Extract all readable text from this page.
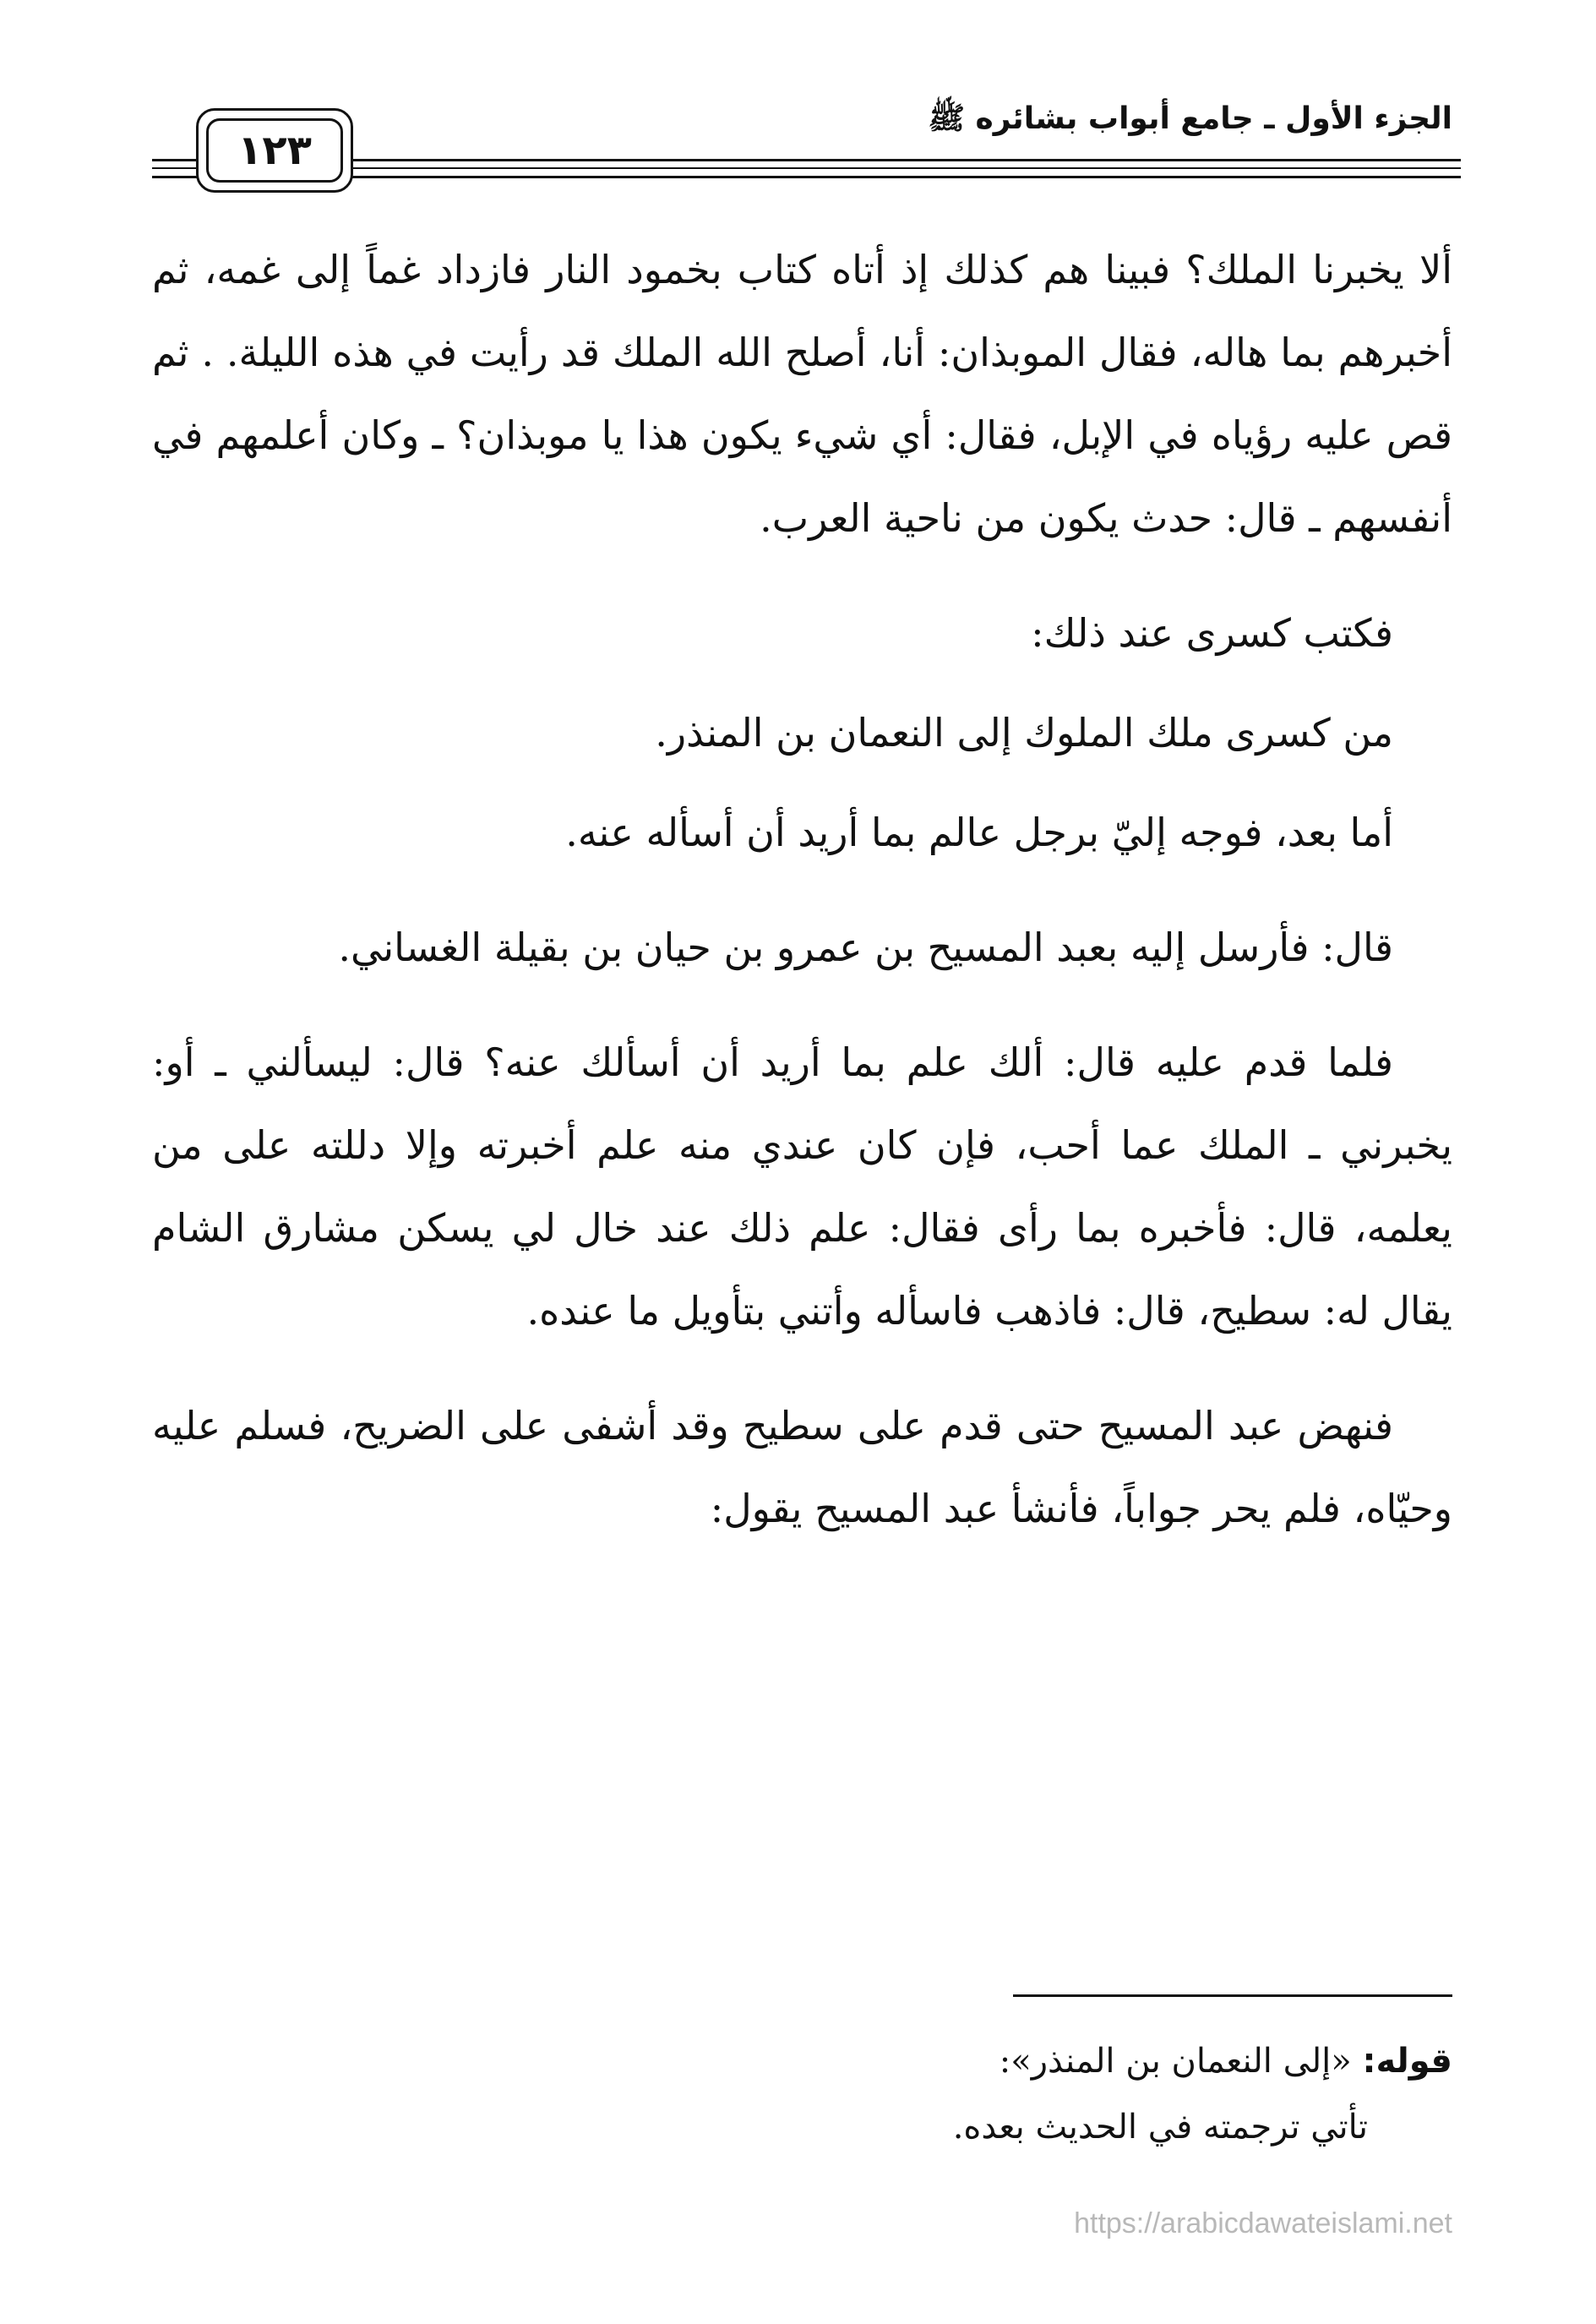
الجزء الأول ـ جامع أبواب بشائره ﷺ
١٢٣

ألا يخبرنا الملك؟ فبينا هم كذلك إذ أتاه كتاب بخمود النار فازداد غماً إلى غمه، ثم أخبرهم بما هاله، فقال الموبذان: أنا، أصلح الله الملك قد رأيت في هذه الليلة. . ثم قص عليه رؤياه في الإبل، فقال: أي شيء يكون هذا يا موبذان؟ ـ وكان أعلمهم في أنفسهم ـ قال: حدث يكون من ناحية العرب.

فكتب كسرى عند ذلك:

من كسرى ملك الملوك إلى النعمان بن المنذر.

أما بعد، فوجه إليّ برجل عالم بما أريد أن أسأله عنه.

قال: فأرسل إليه بعبد المسيح بن عمرو بن حيان بن بقيلة الغساني.

فلما قدم عليه قال: ألك علم بما أريد أن أسألك عنه؟ قال: ليسألني ـ أو: يخبرني ـ الملك عما أحب، فإن كان عندي منه علم أخبرته وإلا دللته على من يعلمه، قال: فأخبره بما رأى فقال: علم ذلك عند خال لي يسكن مشارق الشام يقال له: سطيح، قال: فاذهب فاسأله وأتني بتأويل ما عنده.

فنهض عبد المسيح حتى قدم على سطيح وقد أشفى على الضريح، فسلم عليه وحيّاه، فلم يحر جواباً، فأنشأ عبد المسيح يقول:

قوله: «إلى النعمان بن المنذر»:
تأتي ترجمته في الحديث بعده.
https://arabicdawateislami.net
